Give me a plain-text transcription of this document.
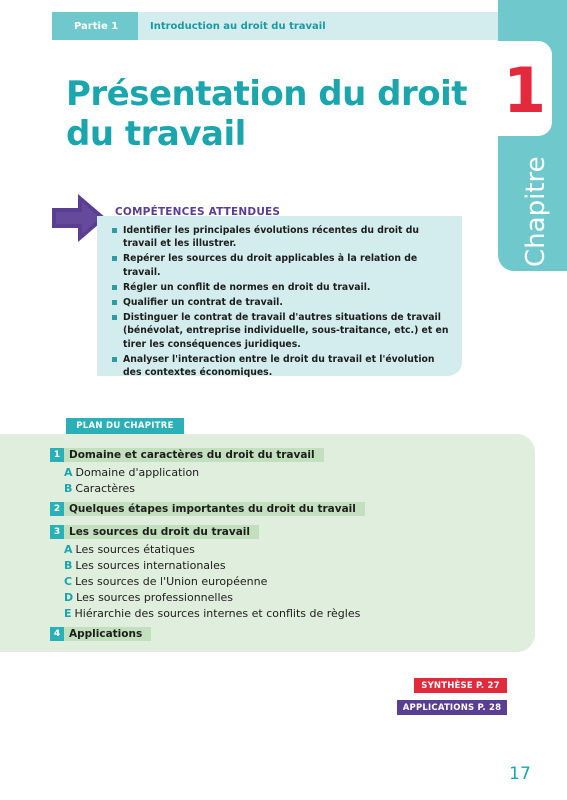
Partie 1	Introduction au droit du travail
1
Chapitre
Présentation du droit
du travail
COMPÉTENCES ATTENDUES
Identifier les principales évolutions récentes du droit du travail et les illustrer.
Repérer les sources du droit applicables à la relation de travail.
Régler un conflit de normes en droit du travail.
Qualifier un contrat de travail.
Distinguer le contrat de travail d'autres situations de travail (bénévolat, entreprise individuelle, sous-traitance, etc.) et en tirer les conséquences juridiques.
Analyser l'interaction entre le droit du travail et l'évolution des contextes économiques.
PLAN DU CHAPITRE
1 Domaine et caractères du droit du travail
A Domaine d'application
B Caractères
2 Quelques étapes importantes du droit du travail
3 Les sources du droit du travail
A Les sources étatiques
B Les sources internationales
C Les sources de l'Union européenne
D Les sources professionnelles
E Hiérarchie des sources internes et conflits de règles
4 Applications
SYNTHÈSE P. 27
APPLICATIONS P. 28
17
